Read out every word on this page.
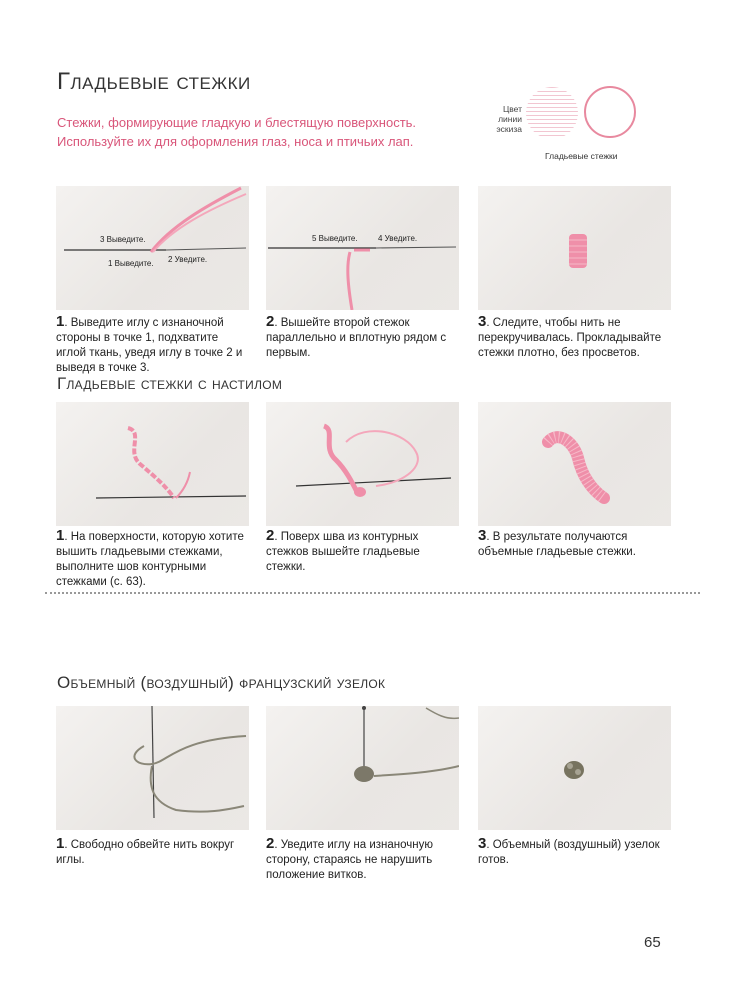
Гладьевые стежки
Стежки, формирующие гладкую и блестящую поверхность.
Используйте их для оформления глаз, носа и птичьих лап.
Цвет
линии
эскиза
Гладьевые стежки
3 Выведите.
1 Выведите. 2 Уведите.
5 Выведите.	4 Уведите.
1. Выведите иглу с изнаночной стороны в точке 1, подхватите иглой ткань, уведя иглу в точке 2 и выведя в точке 3.
2. Вышейте второй стежок параллельно и вплотную рядом с первым.
3. Следите, чтобы нить не перекручивалась. Прокладывайте стежки плотно, без просветов.
Гладьевые стежки с настилом
1. На поверхности, которую хотите вышить гладьевыми стежками, выполните шов контурными стежками (с. 63).
2. Поверх шва из контурных стежков вышейте гладьевые стежки.
3. В результате получаются объемные гладьевые стежки.
Объемный (воздушный) французский узелок
1. Свободно обвейте нить вокруг иглы.
2. Уведите иглу на изнаночную сторону, стараясь не нарушить положение витков.
3. Объемный (воздушный) узелок готов.
65
